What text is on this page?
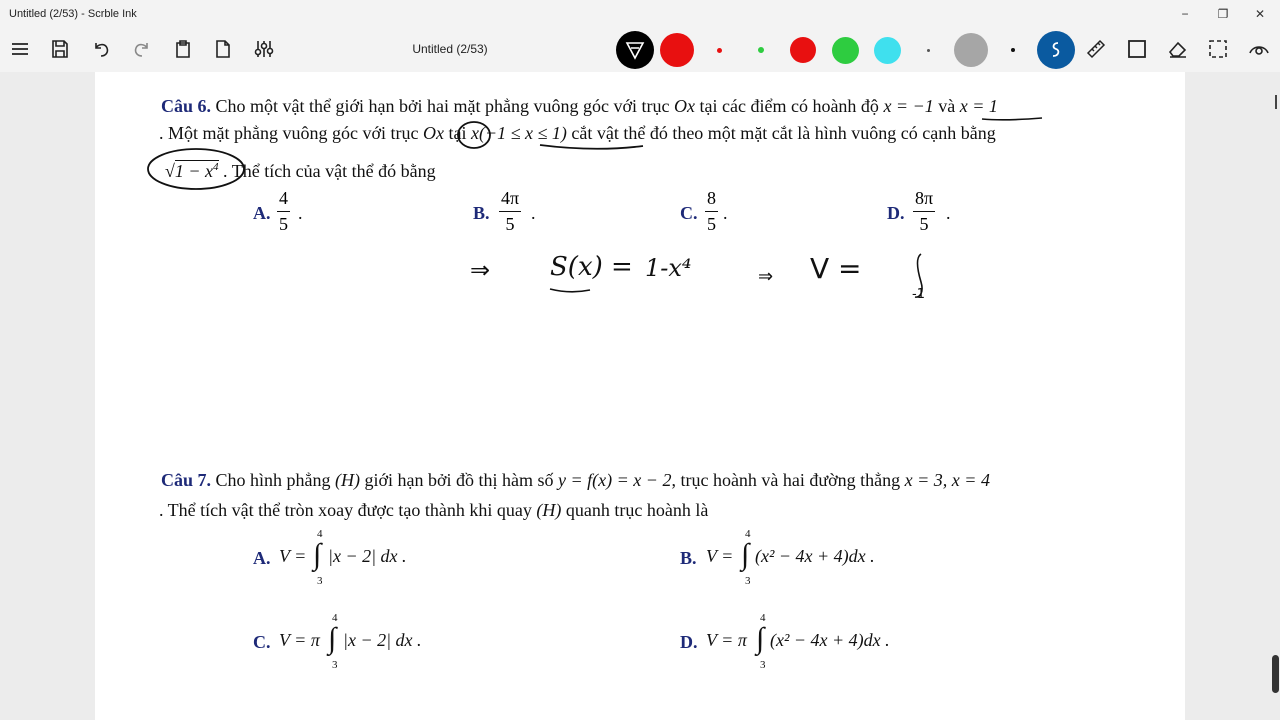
Untitled (2/53) - Scrble Ink	−	❐	✕
Untitled (2/53)
Câu 6. Cho một vật thể giới hạn bởi hai mặt phẳng vuông góc với trục Ox tại các điểm có hoành độ x = −1 và x = 1
. Một mặt phẳng vuông góc với trục Ox tại x(−1 ≤ x ≤ 1) cắt vật thể đó theo một mặt cắt là hình vuông có cạnh bằng
$√1 - x^4$ . Thể tích của vật thể đó bằng
A.
4
5
.	B.
4π
5
.	C.
8
5
.	D.
8π
5
.
⇒ S(x) = 1-x⁴	⇒ V =
-1
Câu 7. Cho hình phẳng (H) giới hạn bởi đồ thị hàm số y = f(x) = x − 2, trục hoành và hai đường thẳng x = 3, x = 4
. Thể tích vật thể tròn xoay được tạo thành khi quay (H) quanh trục hoành là
A. V =
4
∫
3
|x − 2| dx .	B. V =
4
∫
3
(x² − 4x + 4)dx .
C. V = π
4
∫
3
|x − 2| dx .	D. V = π
4
∫
3
(x² − 4x + 4)dx .
